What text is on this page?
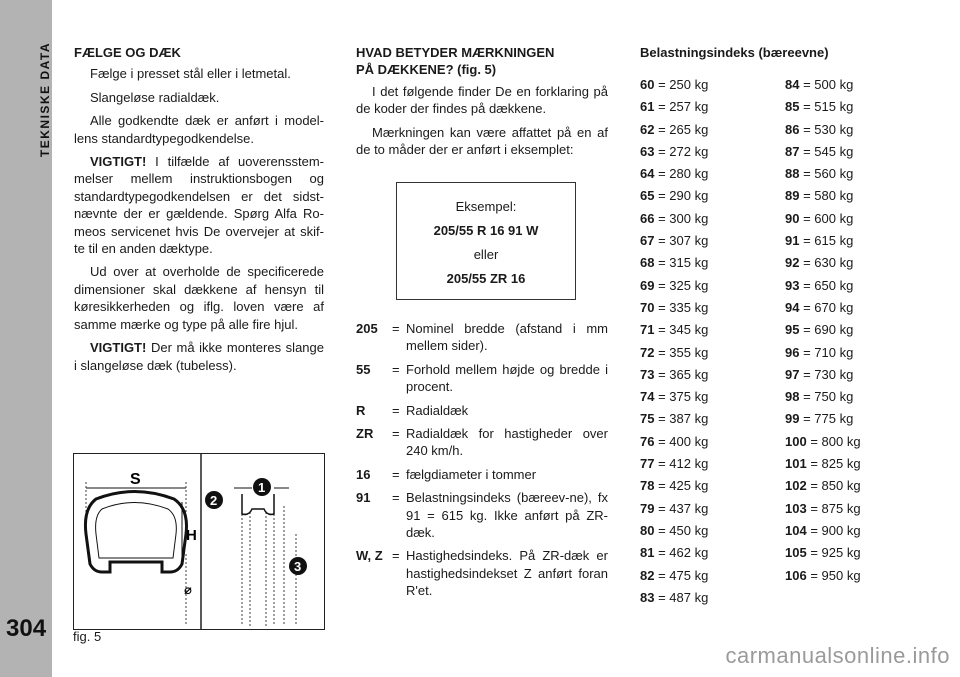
TEKNISKE DATA
304
FÆLGE OG DÆK

Fælge i presset stål eller i letmetal.

Slangeløse radialdæk.

Alle godkendte dæk er anført i model-lens standardtypegodkendelse.

VIGTIGT! I tilfælde af uoverensstem-melser mellem instruktionsbogen og standardtypegodkendelsen er det sidst-nævnte der er gældende. Spørg Alfa Ro-meos servicenet hvis De overvejer at skif-te til en anden dæktype.

Ud over at overholde de specificerede dimensioner skal dækkene af hensyn til køresikkerheden og iflg. loven være af samme mærke og type på alle fire hjul.

VIGTIGT! Der må ikke monteres slange i slangeløse dæk (tubeless).

HVAD BETYDER MÆRKNINGEN
PÅ DÆKKENE? (fig. 5)

I det følgende finder De en forklaring på de koder der findes på dækkene.

Mærkningen kan være affattet på en af de to måder der er anført i eksemplet:

Eksempel:
205/55 R 16 91 W
eller
205/55 ZR 16
205	= Nominel bredde (afstand i mm mellem sider).
55	= Forhold mellem højde og bredde i procent.
R	= Radialdæk
ZR	= Radialdæk for hastigheder over 240 km/h.
16	= fælgdiameter i tommer
91	= Belastningsindeks (bæreev-ne), fx 91 = 615 kg. Ikke anført på ZR-dæk.
W, Z = Hastighedsindeks. På ZR-dæk er hastighedsindekset Z anført foran R'et.
Belastningsindeks (bæreevne)
60 = 250 kg
61 = 257 kg
62 = 265 kg
63 = 272 kg
64 = 280 kg
65 = 290 kg
66 = 300 kg
67 = 307 kg
68 = 315 kg
69 = 325 kg
70 = 335 kg
71 = 345 kg
72 = 355 kg
73 = 365 kg
74 = 375 kg
75 = 387 kg
76 = 400 kg
77 = 412 kg
78 = 425 kg
79 = 437 kg
80 = 450 kg
81 = 462 kg
82 = 475 kg
83 = 487 kg
84 = 500 kg
85 = 515 kg
86 = 530 kg
87 = 545 kg
88 = 560 kg
89 = 580 kg
90 = 600 kg
91 = 615 kg
92 = 630 kg
93 = 650 kg
94 = 670 kg
95 = 690 kg
96 = 710 kg
97 = 730 kg
98 = 750 kg
99 = 775 kg
100 = 800 kg
101 = 825 kg
102 = 850 kg
103 = 875 kg
104 = 900 kg
105 = 925 kg
106 = 950 kg
S
H
⌀
1
2
3
fig. 5
carmanualsonline.info
